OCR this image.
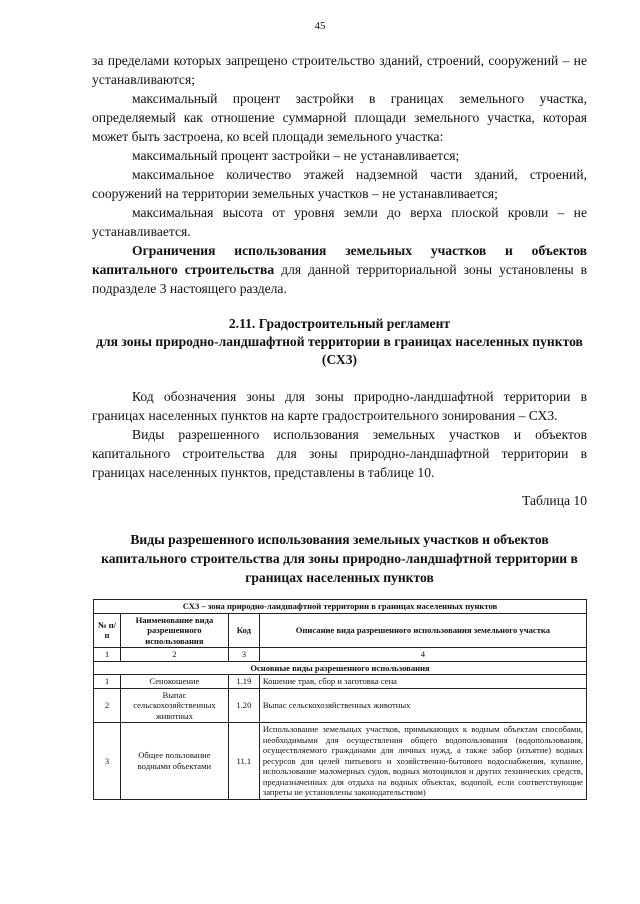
45

за пределами которых запрещено строительство зданий, строений, сооружений – не устанавливаются;

максимальный процент застройки в границах земельного участка, определяемый как отношение суммарной площади земельного участка, которая может быть застроена, ко всей площади земельного участка:

максимальный процент застройки – не устанавливается;

максимальное количество этажей надземной части зданий, строений, сооружений на территории земельных участков – не устанавливается;

максимальная высота от уровня земли до верха плоской кровли – не устанавливается.

Ограничения использования земельных участков и объектов капитального строительства для данной территориальной зоны установлены в подразделе 3 настоящего раздела.

2.11. Градостроительный регламент
для зоны природно-ландшафтной территории в границах населенных пунктов (СХ3)

Код обозначения зоны для зоны природно-ландшафтной территории в границах населенных пунктов на карте градостроительного зонирования – СХ3.

Виды разрешенного использования земельных участков и объектов капитального строительства для зоны природно-ландшафтной территории в границах населенных пунктов, представлены в таблице 10.

Таблица 10
Виды разрешенного использования земельных участков и объектов капитального строительства для зоны природно-ландшафтной территории в границах населенных пунктов
СХ3 – зона природно-ландшафтной территории в границах населенных пунктов			
№ п/п	Наименование вида разрешенного использования	Код	Описание вида разрешенного использования земельного участка
1	2	3	4
Основные виды разрешенного использования			
1	Сенокошение	1.19	Кошение трав, сбор и заготовка сена
2	Выпас сельскохозяйственных животных	1.20	Выпас сельскохозяйственных животных
3	Общее пользование водными объектами	11.1	Использование земельных участков, примыкающих к водным объектам способами, необходимыми для осуществления общего водопользования (водопользования, осуществляемого гражданами для личных нужд, а также забор (изъятие) водных ресурсов для целей питьевого и хозяйственно-бытового водоснабжения, купание, использование маломерных судов, водных мотоциклов и других технических средств, предназначенных для отдыха на водных объектах, водопой, если соответствующие запреты не установлены законодательством)
